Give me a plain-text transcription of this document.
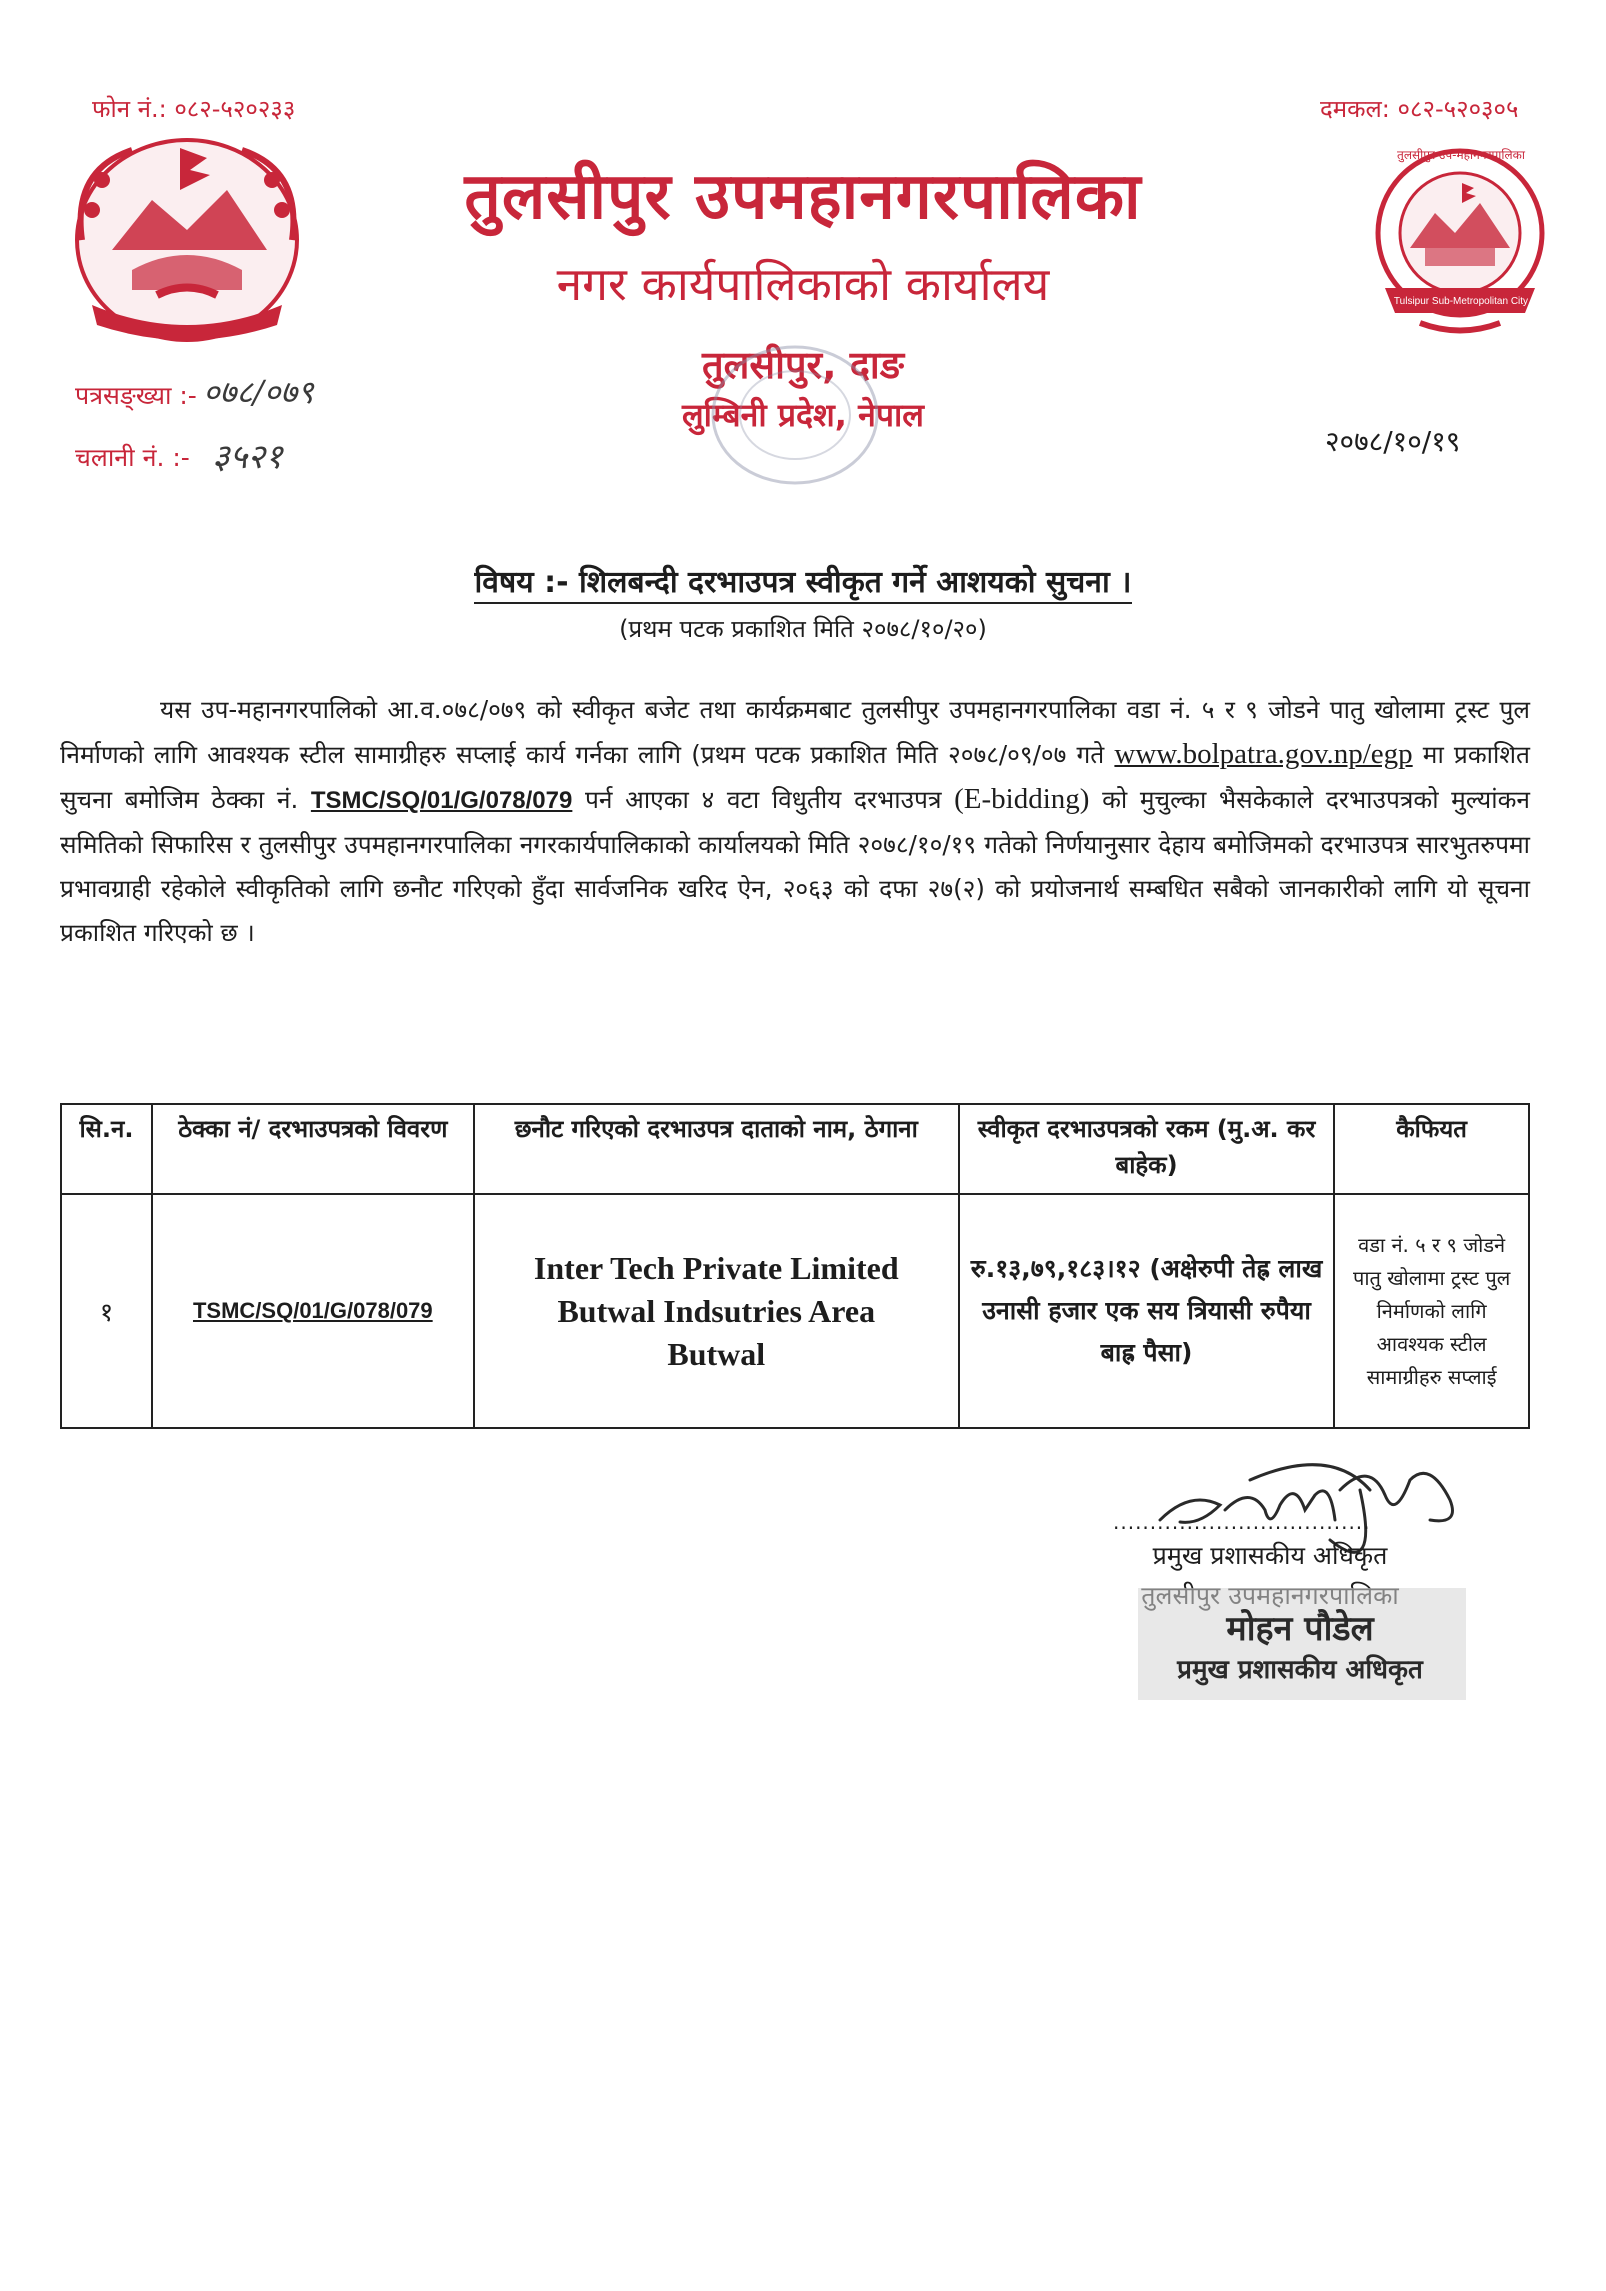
फोन नं.: ०८२-५२०२३३	दमकल: ०८२-५२०३०५
तुलसीपुर उप-महानगरपालिका
Tulsipur Sub-Metropolitan City
तुलसीपुर उपमहानगरपालिका
नगर कार्यपालिकाको कार्यालय
तुलसीपुर, दाङ
लुम्बिनी प्रदेश, नेपाल
पत्रसङ्ख्या :- ०७८/०७९
चलानी नं. :- ३५२१	२०७८/१०/१९
विषय :- शिलबन्दी दरभाउपत्र स्वीकृत गर्ने आशयको सुचना ।
(प्रथम पटक प्रकाशित मिति २०७८/१०/२०)
यस उप-महानगरपालिको आ.व.०७८/०७९ को स्वीकृत बजेट तथा कार्यक्रमबाट तुलसीपुर उपमहानगरपालिका वडा नं. ५ र ९ जोडने पातु खोलामा ट्रस्ट पुल निर्माणको लागि आवश्यक स्टील सामाग्रीहरु सप्लाई कार्य गर्नका लागि (प्रथम पटक प्रकाशित मिति २०७८/०९/०७ गते www.bolpatra.gov.np/egp मा प्रकाशित सुचना बमोजिम ठेक्का नं. TSMC/SQ/01/G/078/079 पर्न आएका ४ वटा विधुतीय दरभाउपत्र (E-bidding) को मुचुल्का भैसकेकाले दरभाउपत्रको मुल्यांकन समितिको सिफारिस र तुलसीपुर उपमहानगरपालिका नगरकार्यपालिकाको कार्यालयको मिति २०७८/१०/१९ गतेको निर्णयानुसार देहाय बमोजिमको दरभाउपत्र सारभुतरुपमा प्रभावग्राही रहेकोले स्वीकृतिको लागि छनौट गरिएको हुँदा सार्वजनिक खरिद ऐन, २०६३ को दफा २७(२) को प्रयोजनार्थ सम्बधित सबैको जानकारीको लागि यो सूचना प्रकाशित गरिएको छ ।
सि.न.	ठेक्का नं/ दरभाउपत्रको विवरण	छनौट गरिएको दरभाउपत्र दाताको नाम, ठेगाना	स्वीकृत दरभाउपत्रको रकम (मु.अ. कर बाहेक)	कैफियत
१	TSMC/SQ/01/G/078/079	Inter Tech Private Limited
Butwal Indsutries Area
Butwal	रु.१३,७९,१८३।१२ (अक्षेरुपी तेह्र लाख उनासी हजार एक सय त्रियासी रुपैया बाह्र पैसा)	वडा नं. ५ र ९ जोडने पातु खोलामा ट्रस्ट पुल निर्माणको लागि आवश्यक स्टील सामाग्रीहरु सप्लाई
...................................
प्रमुख प्रशासकीय अधिकृत
मोहन पौडेल
प्रमुख प्रशासकीय अधिकृत
